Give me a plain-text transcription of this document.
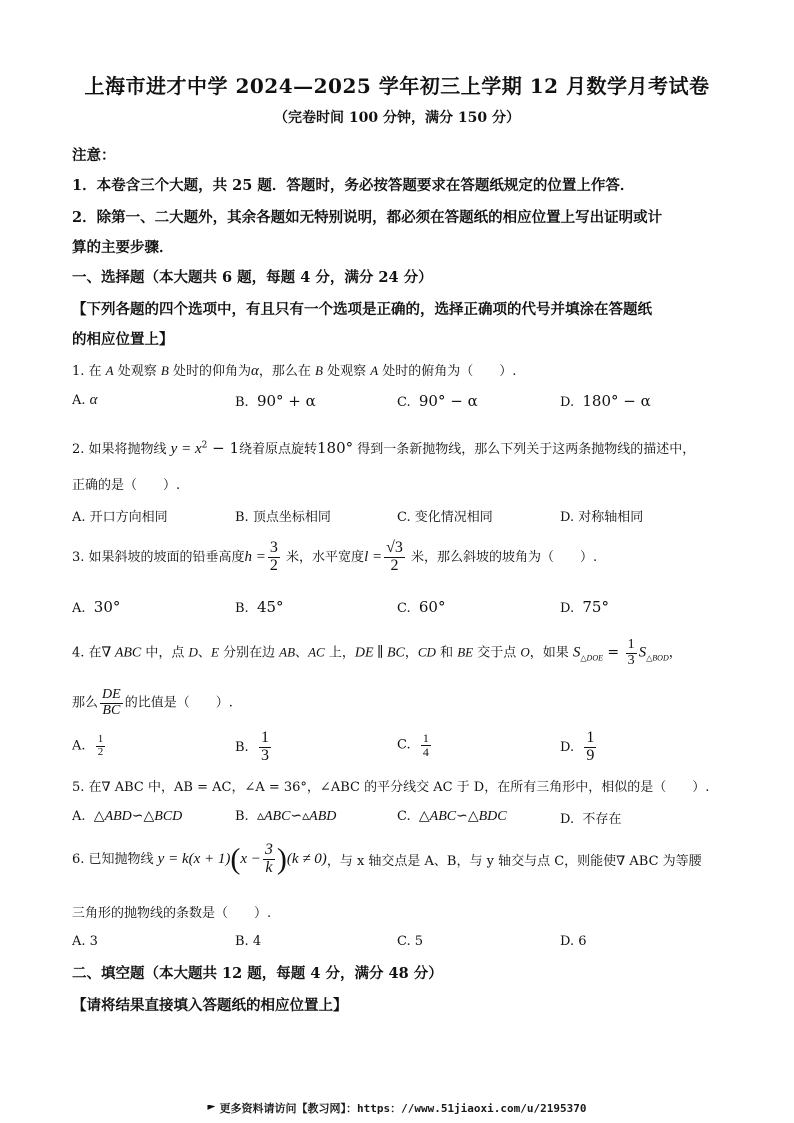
上海市进才中学 2024—2025 学年初三上学期 12 月数学月考试卷
（完卷时间 100 分钟，满分 150 分）
注意：
1．本卷含三个大题，共 25 题．答题时，务必按答题要求在答题纸规定的位置上作答．
2．除第一、二大题外，其余各题如无特别说明，都必须在答题纸的相应位置上写出证明或计
算的主要步骤．
一、选择题（本大题共 6 题，每题 4 分，满分 24 分）
【下列各题的四个选项中，有且只有一个选项是正确的，选择正确项的代号并填涂在答题纸
的相应位置上】
1. 在 A 处观察 B 处时的仰角为α，那么在 B 处观察 A 处时的俯角为（　　）.
A. α	B. 90° + α	C. 90° − α	D. 180° − α
2. 如果将抛物线 $y = x^2 - 1$绕着原点旋转180° 得到一条新抛物线，那么下列关于这两条抛物线的描述中，
正确的是（　　）.
A. 开口方向相同	B. 顶点坐标相同	C. 变化情况相同	D. 对称轴相同
3. 如果斜坡的坡面的铅垂高度$h = \frac{3}{2}$ 米，水平宽度$l = \frac{√3}{2}$ 米，那么斜坡的坡角为（　　）.
A. 30°	B. 45°	C. 60°	D. 75°
4. 在∇ ABC 中，点 D、E 分别在边 AB、AC 上，DE ∥ BC，CD 和 BE 交于点 O，如果 $S_{\triangle DOE} = \frac{1}{3} S_{\triangle BOD}$，
那么 $\frac{DE}{BC}$ 的比值是（　　）.
A. $\frac{1}{2}$	B. $\frac{1}{3}$	C. $\frac{1}{4}$	D. $\frac{1}{9}$
5. 在∇ ABC 中，AB = AC，∠A = 36°，∠ABC 的平分线交 AC 于 D，在所有三角形中，相似的是（　　）.
A. △ABD∽△BCD	B. ▵ABC∽▵ABD	C. △ABC∽△BDC	D. 不存在
6. 已知抛物线 $y = k(x + 1)(x - \frac{3}{k} )(k \ne 0)$，与 x 轴交点是 A、B，与 y 轴交与点 C，则能使∇ ABC 为等腰
三角形的抛物线的条数是（　　）.
A. 3	B. 4	C. 5	D. 6
二、填空题（本大题共 12 题，每题 4 分，满分 48 分）
【请将结果直接填入答题纸的相应位置上】
更多资料请访问【教习网】：https：//www.51jiaoxi.com/u/2195370
